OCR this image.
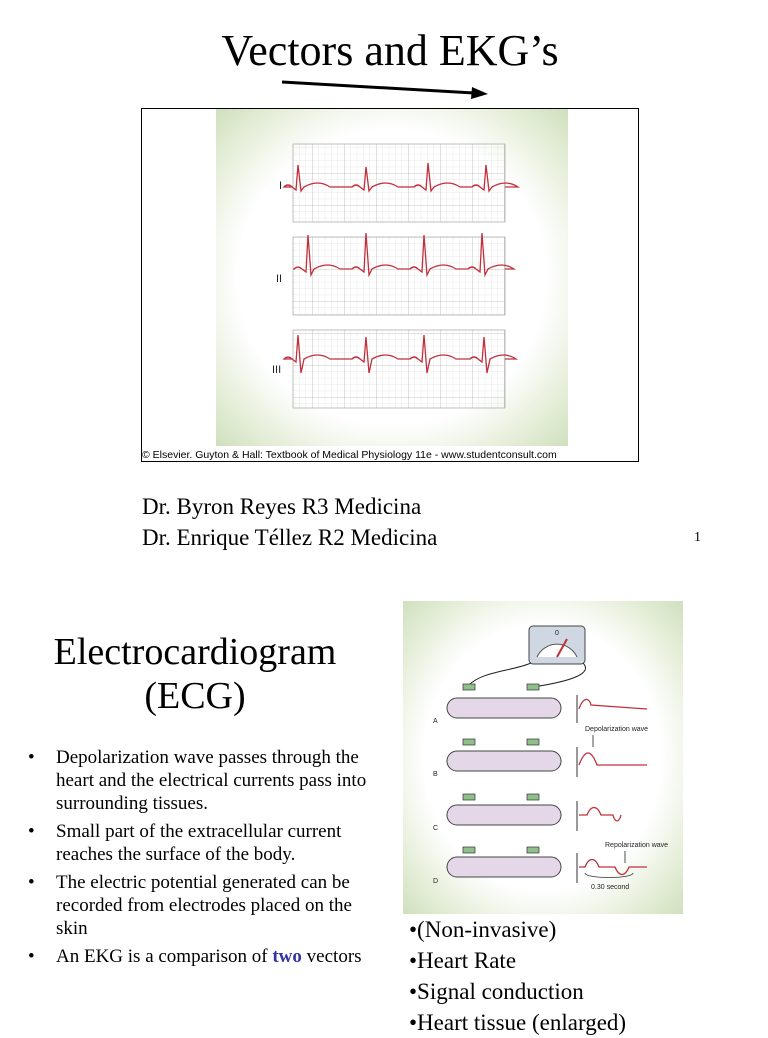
Vectors and EKG’s
I
II
III
© Elsevier. Guyton & Hall: Textbook of Medical Physiology 11e - www.studentconsult.com
Dr. Byron Reyes R3 Medicina
Dr. Enrique Téllez R2 Medicina	1
Electrocardiogram
(ECG)
• Depolarization wave passes through the heart and the electrical currents pass into surrounding tissues.
• Small part of the extracellular current reaches the surface of the body.
• The electric potential generated can be recorded from electrodes placed on the skin
• An EKG is a comparison of two vectors
0
A
B
C
D
0.30 second
Depolarization wave
Repolarization wave
•(Non-invasive)
•Heart Rate
•Signal conduction
•Heart tissue (enlarged)
